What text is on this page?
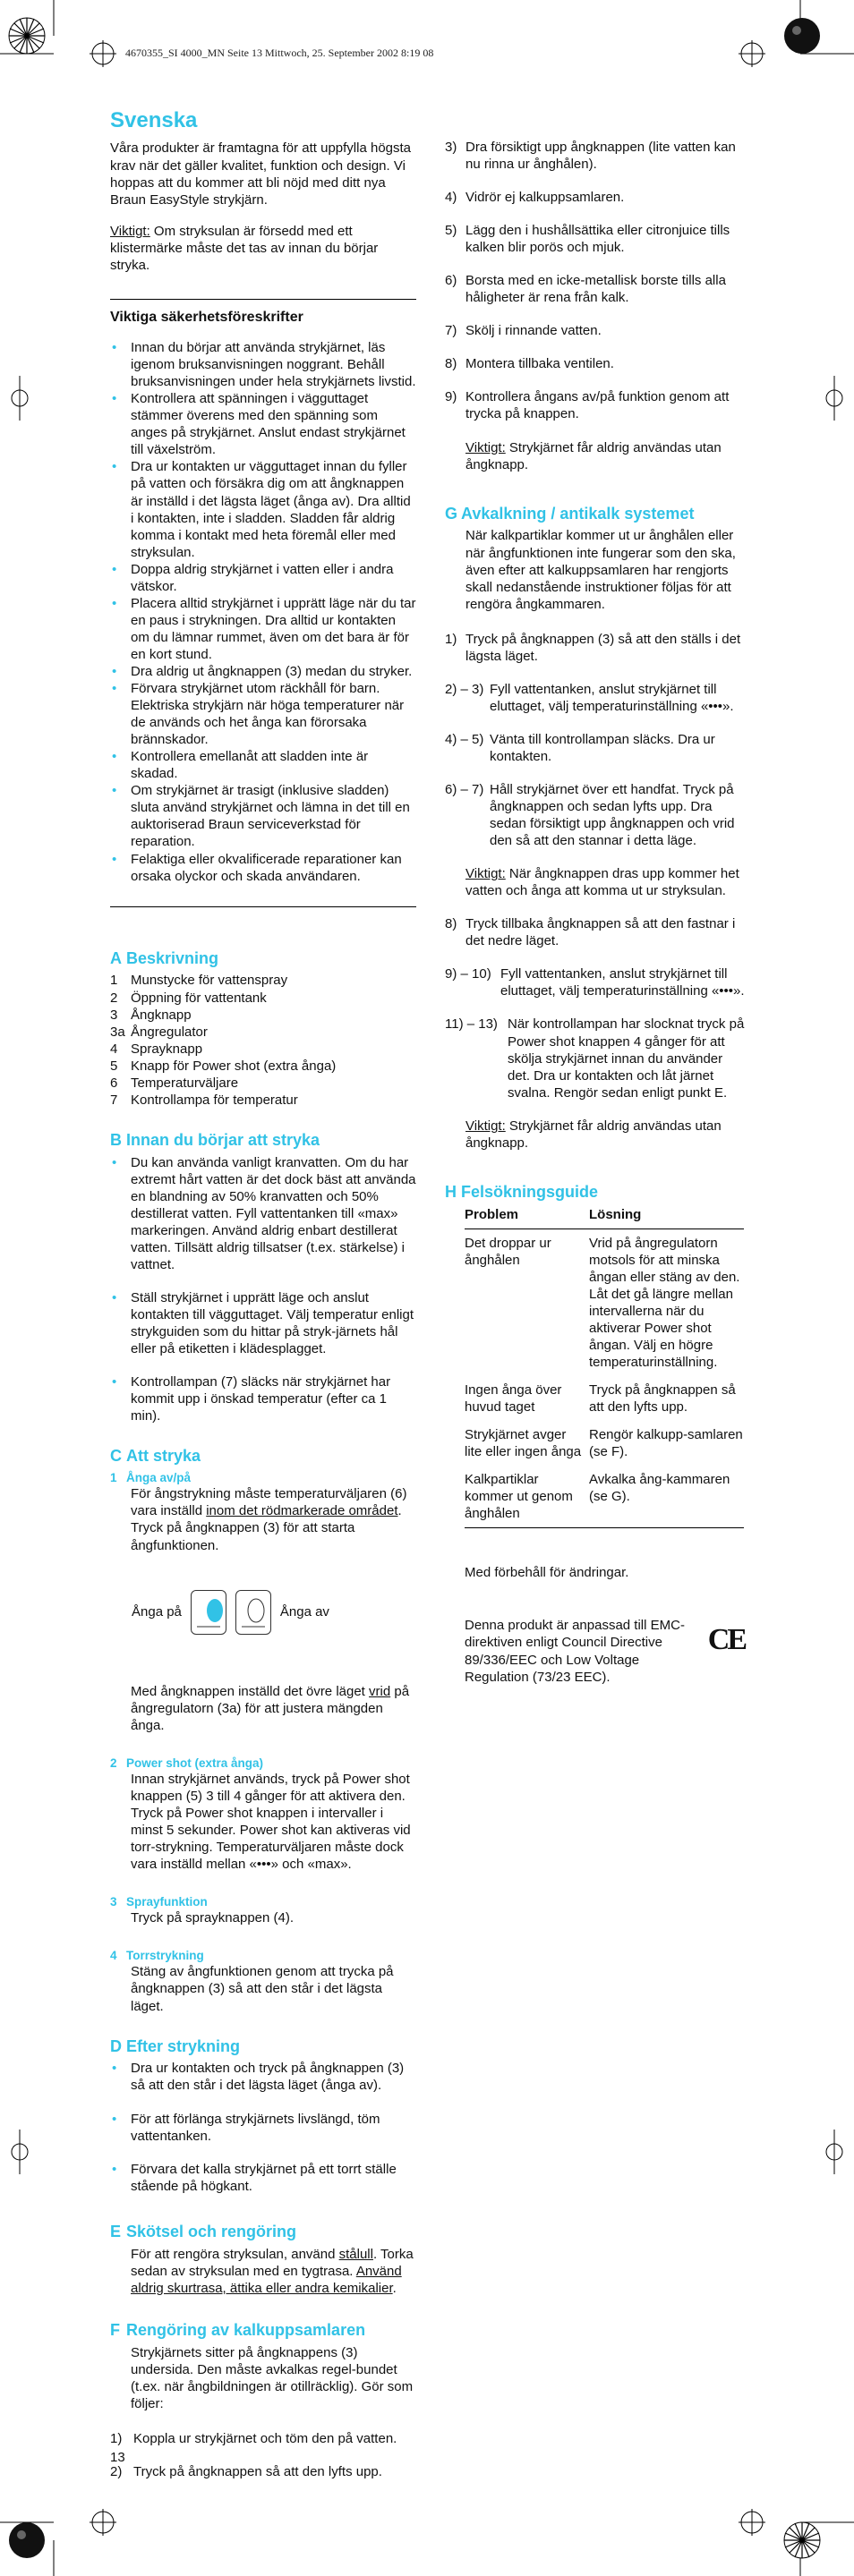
4670355_SI 4000_MN Seite 13 Mittwoch, 25. September 2002 8:19 08
Svenska

Våra produkter är framtagna för att uppfylla högsta krav när det gäller kvalitet, funktion och design. Vi hoppas att du kommer att bli nöjd med ditt nya Braun EasyStyle strykjärn.

Viktigt: Om stryksulan är försedd med ett klistermärke måste det tas av innan du börjar stryka.

Viktiga säkerhetsföreskrifter
• Innan du börjar att använda strykjärnet, läs igenom bruksanvisningen noggrant. Behåll bruksanvisningen under hela strykjärnets livstid.
• Kontrollera att spänningen i vägguttaget stämmer överens med den spänning som anges på strykjärnet. Anslut endast strykjärnet till växelström.
• Dra ur kontakten ur vägguttaget innan du fyller på vatten och försäkra dig om att ångknappen är inställd i det lägsta läget (ånga av). Dra alltid i kontakten, inte i sladden. Sladden får aldrig komma i kontakt med heta föremål eller med stryksulan.
• Doppa aldrig strykjärnet i vatten eller i andra vätskor.
• Placera alltid strykjärnet i upprätt läge när du tar en paus i strykningen. Dra alltid ur kontakten om du lämnar rummet, även om det bara är för en kort stund.
• Dra aldrig ut ångknappen (3) medan du stryker.
• Förvara strykjärnet utom räckhåll för barn. Elektriska strykjärn när höga temperaturer när de används och het ånga kan förorsaka brännskador.
• Kontrollera emellanåt att sladden inte är skadad.
• Om strykjärnet är trasigt (inklusive sladden) sluta använd strykjärnet och lämna in det till en auktoriserad Braun serviceverkstad för reparation.
• Felaktiga eller okvalificerade reparationer kan orsaka olyckor och skada användaren.
A Beskrivning
1 Munstycke för vattenspray
2 Öppning för vattentank
3 Ångknapp
3a Ångregulator
4 Sprayknapp
5 Knapp för Power shot (extra ånga)
6 Temperaturväljare
7 Kontrollampa för temperatur
B Innan du börjar att stryka
• Du kan använda vanligt kranvatten. Om du har extremt hårt vatten är det dock bäst att använda en blandning av 50% kranvatten och 50% destillerat vatten. Fyll vattentanken till «max» markeringen. Använd aldrig enbart destillerat vatten. Tillsätt aldrig tillsatser (t.ex. stärkelse) i vattnet.
• Ställ strykjärnet i upprätt läge och anslut kontakten till vägguttaget. Välj temperatur enligt strykguiden som du hittar på stryk-järnets hål eller på etiketten i klädesplagget.
• Kontrollampan (7) släcks när strykjärnet har kommit upp i önskad temperatur (efter ca 1 min).
C Att stryka
1 Ånga av/på

För ångstrykning måste temperaturväljaren (6) vara inställd inom det rödmarkerade området. Tryck på ångknappen (3) för att starta ångfunktionen.

Ånga på	Ånga av

Med ångknappen inställd det övre läget vrid på ångregulatorn (3a) för att justera mängden ånga.

2 Power shot (extra ånga)

Innan strykjärnet används, tryck på Power shot knappen (5) 3 till 4 gånger för att aktivera den. Tryck på Power shot knappen i intervaller i minst 5 sekunder. Power shot kan aktiveras vid torr-strykning. Temperaturväljaren måste dock vara inställd mellan «•••» och «max».

3 Sprayfunktion

Tryck på sprayknappen (4).

4 Torrstrykning

Stäng av ångfunktionen genom att trycka på ångknappen (3) så att den står i det lägsta läget.

D Efter strykning
• Dra ur kontakten och tryck på ångknappen (3) så att den står i det lägsta läget (ånga av).
• För att förlänga strykjärnets livslängd, töm vattentanken.
• Förvara det kalla strykjärnet på ett torrt ställe stående på högkant.
E Skötsel och rengöring

För att rengöra stryksulan, använd stålull. Torka sedan av stryksulan med en tygtrasa. Använd aldrig skurtrasa, ättika eller andra kemikalier.

F Rengöring av kalkuppsamlaren

Strykjärnets sitter på ångknappens (3) undersida. Den måste avkalkas regel-bundet (t.ex. när ångbildningen är otillräcklig). Gör som följer:

1) Koppla ur strykjärnet och töm den på vatten.
2) Tryck på ångknappen så att den lyfts upp.
13
3) Dra försiktigt upp ångknappen (lite vatten kan nu rinna ur ånghålen).
4) Vidrör ej kalkuppsamlaren.
5) Lägg den i hushållsättika eller citronjuice tills kalken blir porös och mjuk.
6) Borsta med en icke-metallisk borste tills alla håligheter är rena från kalk.
7) Skölj i rinnande vatten.
8) Montera tillbaka ventilen.
9) Kontrollera ångans av/på funktion genom att trycka på knappen.

Viktigt: Strykjärnet får aldrig användas utan ångknapp.

G Avkalkning / antikalk systemet

När kalkpartiklar kommer ut ur ånghålen eller när ångfunktionen inte fungerar som den ska, även efter att kalkuppsamlaren har rengjorts skall nedanstående instruktioner följas för att rengöra ångkammaren.

1) Tryck på ångknappen (3) så att den ställs i det lägsta läget.
2) – 3) Fyll vattentanken, anslut strykjärnet till eluttaget, välj temperaturinställning «•••».
4) – 5) Vänta till kontrollampan släcks. Dra ur kontakten.
6) – 7) Håll strykjärnet över ett handfat. Tryck på ångknappen och sedan lyfts upp. Dra sedan försiktigt upp ångknappen och vrid den så att den stannar i detta läge.

Viktigt: När ångknappen dras upp kommer het vatten och ånga att komma ut ur stryksulan.

8) Tryck tillbaka ångknappen så att den fastnar i det nedre läget.
9) – 10) Fyll vattentanken, anslut strykjärnet till eluttaget, välj temperaturinställning «•••».
11) – 13) När kontrollampan har slocknat tryck på Power shot knappen 4 gånger för att skölja strykjärnet innan du använder det. Dra ur kontakten och låt järnet svalna. Rengör sedan enligt punkt E.

Viktigt: Strykjärnet får aldrig användas utan ångknapp.

H Felsökningsguide
Problem	Lösning
Det droppar ur ånghålen	Vrid på ångregulatorn motsols för att minska ångan eller stäng av den. Låt det gå längre mellan intervallerna när du aktiverar Power shot ångan. Välj en högre temperaturinställning.
Ingen ånga över huvud taget	Tryck på ångknappen så att den lyfts upp.
Strykjärnet avger lite eller ingen ånga	Rengör kalkupp-samlaren (se F).
Kalkpartiklar kommer ut genom ånghålen	Avkalka ång-kammaren (se G).

Med förbehåll för ändringar.

Denna produkt är anpassad till EMC-direktiven enligt Council Directive 89/336/EEC och Low Voltage Regulation (73/23 EEC).

CE
